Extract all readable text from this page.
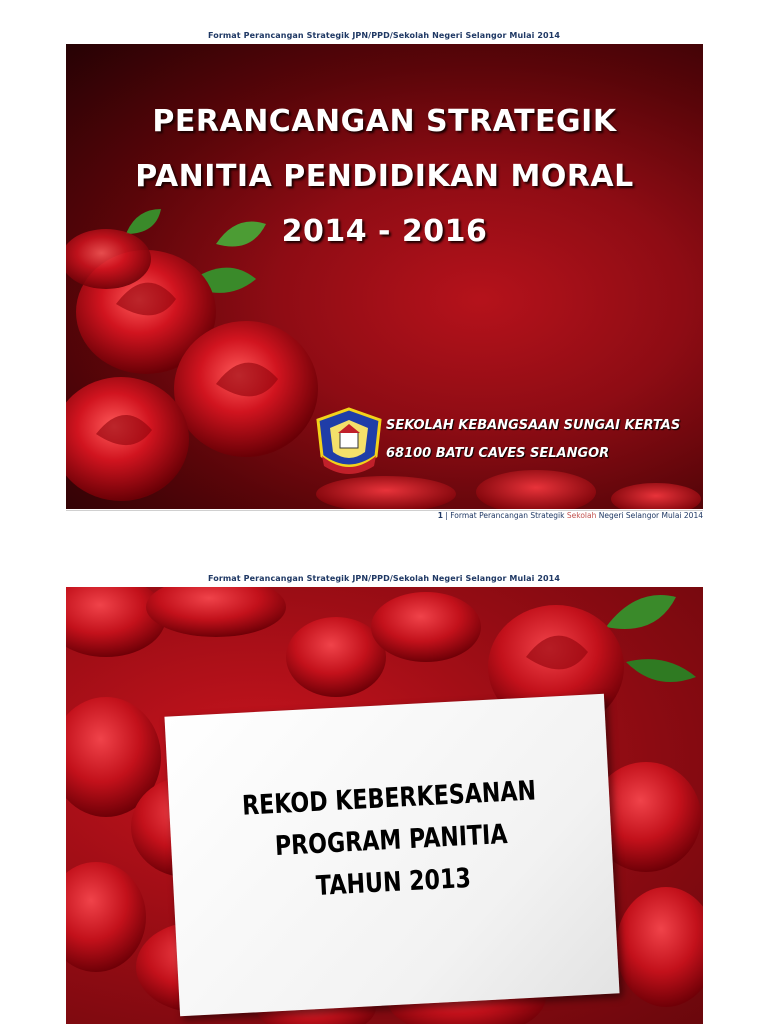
Format Perancangan Strategik JPN/PPD/Sekolah Negeri Selangor Mulai 2014
PERANCANGAN STRATEGIK
PANITIA PENDIDIKAN MORAL
2014 - 2016
SEKOLAH KEBANGSAAN SUNGAI KERTAS
68100 BATU CAVES SELANGOR
1 | Format Perancangan Strategik Sekolah Negeri Selangor Mulai 2014
Format Perancangan Strategik JPN/PPD/Sekolah Negeri Selangor Mulai 2014
REKOD KEBERKESANAN
PROGRAM PANITIA
TAHUN 2013
